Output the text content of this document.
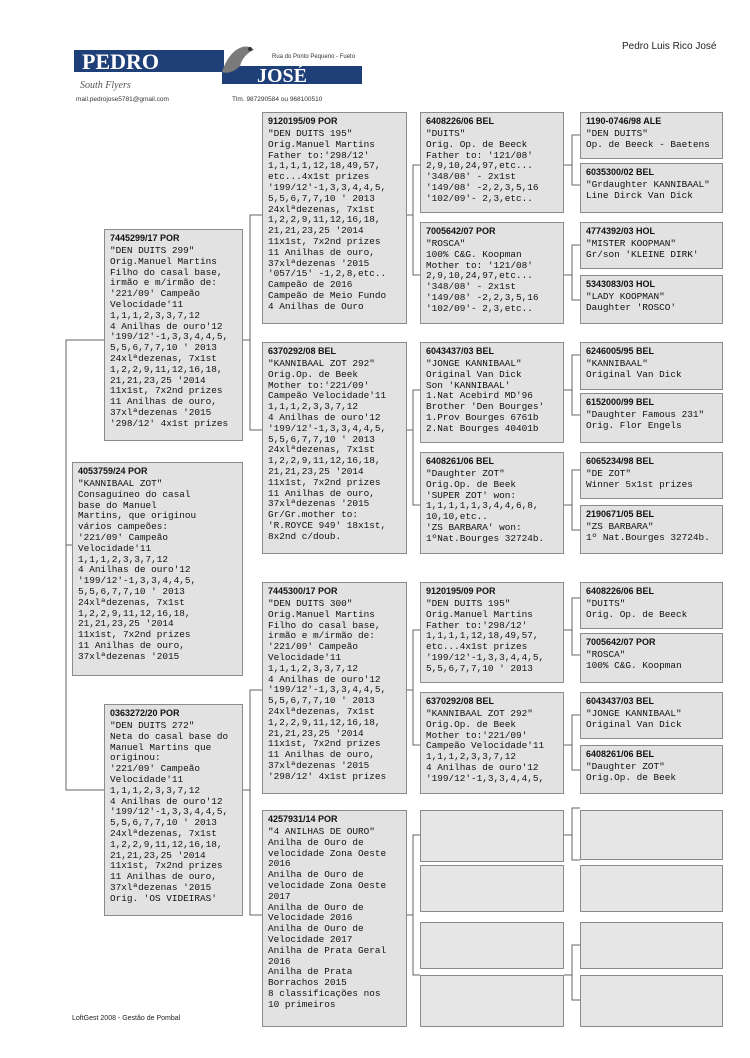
PEDRO
JOSÉ
Rua do Ponto Pequeno - Fueto
South Flyers
mail.pedrojose5781@gmail.com	Tlm. 987290584 ou 968100510
Pedro Luis Rico José
LoftGest 2008 - Gestão de Pombal
4053759/24 POR
"KANNIBAAL ZOT"
Consaguíneo do casal
base do Manuel
Martins, que originou
vários campeões:
'221/09' Campeão
Velocidade'11
1,1,1,2,3,3,7,12
4 Anilhas de ouro'12
'199/12'-1,3,3,4,4,5,
5,5,6,7,7,10 ' 2013
24xlªdezenas, 7x1st
1,2,2,9,11,12,16,18,
21,21,23,25 '2014
11x1st, 7x2nd prizes
11 Anilhas de ouro,
37xlªdezenas '2015
7445299/17 POR
"DEN DUITS 299"
Orig.Manuel Martins
Filho do casal base,
irmão e m/irmão de:
'221/09' Campeão
Velocidade'11
1,1,1,2,3,3,7,12
4 Anilhas de ouro'12
'199/12'-1,3,3,4,4,5,
5,5,6,7,7,10 ' 2013
24xlªdezenas, 7x1st
1,2,2,9,11,12,16,18,
21,21,23,25 '2014
11x1st, 7x2nd prizes
11 Anilhas de ouro,
37xlªdezenas '2015
'298/12' 4x1st prizes
0363272/20 POR
"DEN DUITS 272"
Neta do casal base do
Manuel Martins que
originou:
'221/09' Campeão
Velocidade'11
1,1,1,2,3,3,7,12
4 Anilhas de ouro'12
'199/12'-1,3,3,4,4,5,
5,5,6,7,7,10 ' 2013
24xlªdezenas, 7x1st
1,2,2,9,11,12,16,18,
21,21,23,25 '2014
11x1st, 7x2nd prizes
11 Anilhas de ouro,
37xlªdezenas '2015
Orig. 'OS VIDEIRAS'
9120195/09 POR
"DEN DUITS 195"
Orig.Manuel Martins
Father to:'298/12'
1,1,1,1,12,18,49,57,
etc...4x1st prizes
'199/12'-1,3,3,4,4,5,
5,5,6,7,7,10 ' 2013
24xlªdezenas, 7x1st
1,2,2,9,11,12,16,18,
21,21,23,25 '2014
11x1st, 7x2nd prizes
11 Anilhas de ouro,
37xlªdezenas '2015
'057/15' -1,2,8,etc..
Campeão de 2016
Campeão de Meio Fundo
4 Anilhas de Ouro
6370292/08 BEL
"KANNIBAAL ZOT 292"
Orig.Op. de Beek
Mother to:'221/09'
Campeão Velocidade'11
1,1,1,2,3,3,7,12
4 Anilhas de ouro'12
'199/12'-1,3,3,4,4,5,
5,5,6,7,7,10 ' 2013
24xlªdezenas, 7x1st
1,2,2,9,11,12,16,18,
21,21,23,25 '2014
11x1st, 7x2nd prizes
11 Anilhas de ouro,
37xlªdezenas '2015
Gr/Gr.mother to:
'R.ROYCE 949' 18x1st,
8x2nd c/doub.
7445300/17 POR
"DEN DUITS 300"
Orig.Manuel Martins
Filho do casal base,
irmão e m/irmão de:
'221/09' Campeão
Velocidade'11
1,1,1,2,3,3,7,12
4 Anilhas de ouro'12
'199/12'-1,3,3,4,4,5,
5,5,6,7,7,10 ' 2013
24xlªdezenas, 7x1st
1,2,2,9,11,12,16,18,
21,21,23,25 '2014
11x1st, 7x2nd prizes
11 Anilhas de ouro,
37xlªdezenas '2015
'298/12' 4x1st prizes
4257931/14 POR
"4 ANILHAS DE OURO"
Anilha de Ouro de
velocidade Zona Oeste
2016
Anilha de Ouro de
velocidade Zona Oeste
2017
Anilha de Ouro de
Velocidade 2016
Anilha de Ouro de
Velocidade 2017
Anilha de Prata Geral
2016
Anilha de Prata
Borrachos 2015
8 classificações nos
10 primeiros
6408226/06 BEL
"DUITS"
Orig. Op. de Beeck
Father to: '121/08'
2,9,10,24,97,etc...
'348/08' - 2x1st
'149/08' -2,2,3,5,16
'102/09'- 2,3,etc..
7005642/07 POR
"ROSCA"
100% C&G. Koopman
Mother to: '121/08'
2,9,10,24,97,etc...
'348/08' - 2x1st
'149/08' -2,2,3,5,16
'102/09'- 2,3,etc..
6043437/03 BEL
"JONGE KANNIBAAL"
Original Van Dick
Son 'KANNIBAAL'
1.Nat Acebird MD'96
Brother 'Den Bourges'
1.Prov Bourges 6761b
2.Nat Bourges 40401b
6408261/06 BEL
"Daughter ZOT"
Orig.Op. de Beek
'SUPER ZOT' won:
1,1,1,1,1,3,4,4,6,8,
10,10,etc..
'ZS BARBARA' won:
1ºNat.Bourges 32724b.
9120195/09 POR
"DEN DUITS 195"
Orig.Manuel Martins
Father to:'298/12'
1,1,1,1,12,18,49,57,
etc...4x1st prizes
'199/12'-1,3,3,4,4,5,
5,5,6,7,7,10 ' 2013
6370292/08 BEL
"KANNIBAAL ZOT 292"
Orig.Op. de Beek
Mother to:'221/09'
Campeão Velocidade'11
1,1,1,2,3,3,7,12
4 Anilhas de ouro'12
'199/12'-1,3,3,4,4,5,
1190-0746/98 ALE
"DEN DUITS"
Op. de Beeck - Baetens
6035300/02 BEL
"Grdaughter KANNIBAAL"
Line Dirck Van Dick
4774392/03 HOL
"MISTER KOOPMAN"
Gr/son 'KLEINE DIRK'
5343083/03 HOL
"LADY KOOPMAN"
Daughter 'ROSCO'
6246005/95 BEL
"KANNIBAAL"
Original Van Dick
6152000/99 BEL
"Daughter Famous 231"
Orig. Flor Engels
6065234/98 BEL
"DE ZOT"
Winner 5x1st prizes
2190671/05 BEL
"ZS BARBARA"
1º Nat.Bourges 32724b.
6408226/06 BEL
"DUITS"
Orig. Op. de Beeck
7005642/07 POR
"ROSCA"
100% C&G. Koopman
6043437/03 BEL
"JONGE KANNIBAAL"
Original Van Dick
6408261/06 BEL
"Daughter ZOT"
Orig.Op. de Beek
